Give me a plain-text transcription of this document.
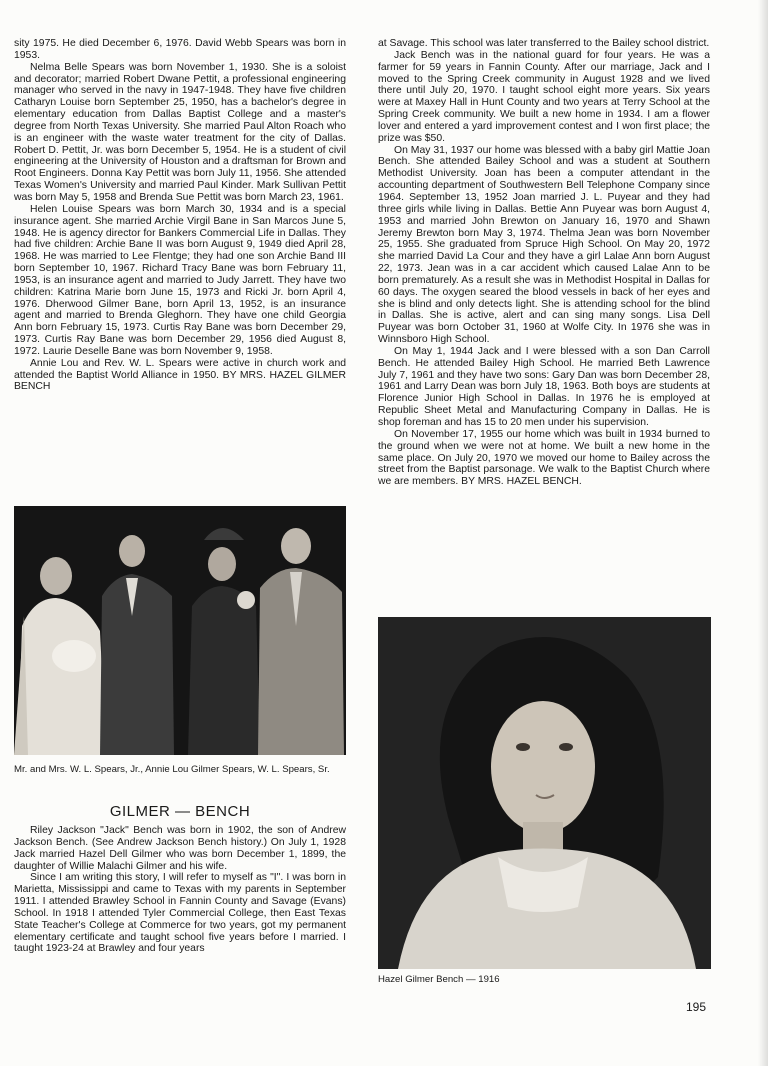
sity 1975. He died December 6, 1976. David Webb Spears was born in 1953.

Nelma Belle Spears was born November 1, 1930. She is a soloist and decorator; married Robert Dwane Pettit, a professional engineering manager who served in the navy in 1947-1948. They have five children Catharyn Louise born September 25, 1950, has a bachelor's degree in elementary education from Dallas Baptist College and a master's degree from North Texas University. She married Paul Alton Roach who is an engineer with the waste water treatment for the city of Dallas. Robert D. Pettit, Jr. was born December 5, 1954. He is a student of civil engineering at the University of Houston and a draftsman for Brown and Root Engineers. Donna Kay Pettit was born July 11, 1956. She attended Texas Women's University and married Paul Kinder. Mark Sullivan Pettit was born May 5, 1958 and Brenda Sue Pettit was born March 23, 1961.

Helen Louise Spears was born March 30, 1934 and is a special insurance agent. She married Archie Virgil Bane in San Marcos June 5, 1948. He is agency director for Bankers Commercial Life in Dallas. They had five children: Archie Bane II was born August 9, 1949 died April 28, 1968. He was married to Lee Flentge; they had one son Archie Band III born September 10, 1967. Richard Tracy Bane was born February 11, 1953, is an insurance agent and married to Judy Jarrett. They have two children: Katrina Marie born June 15, 1973 and Ricki Jr. born April 4, 1976. Dherwood Gilmer Bane, born April 13, 1952, is an insurance agent and married to Brenda Gleghorn. They have one child Georgia Ann born February 15, 1973. Curtis Ray Bane was born December 29, 1973. Curtis Ray Bane was born December 29, 1956 died August 8, 1972. Laurie Deselle Bane was born November 9, 1958.

Annie Lou and Rev. W. L. Spears were active in church work and attended the Baptist World Alliance in 1950. BY MRS. HAZEL GILMER BENCH

Mr. and Mrs. W. L. Spears, Jr., Annie Lou Gilmer Spears, W. L. Spears, Sr.
GILMER — BENCH

Riley Jackson "Jack" Bench was born in 1902, the son of Andrew Jackson Bench. (See Andrew Jackson Bench history.) On July 1, 1928 Jack married Hazel Dell Gilmer who was born December 1, 1899, the daughter of Willie Malachi Gilmer and his wife.

Since I am writing this story, I will refer to myself as "I". I was born in Marietta, Mississippi and came to Texas with my parents in September 1911. I attended Brawley School in Fannin County and Savage (Evans) School. In 1918 I attended Tyler Commercial College, then East Texas State Teacher's College at Commerce for two years, got my permanent elementary certificate and taught school five years before I married. I taught 1923-24 at Brawley and four years

at Savage. This school was later transferred to the Bailey school district.

Jack Bench was in the national guard for four years. He was a farmer for 59 years in Fannin County. After our marriage, Jack and I moved to the Spring Creek community in August 1928 and we lived there until July 20, 1970. I taught school eight more years. Six years were at Maxey Hall in Hunt County and two years at Terry School at the Spring Creek community. We built a new home in 1934. I am a flower lover and entered a yard improvement contest and I won first place; the prize was $50.

On May 31, 1937 our home was blessed with a baby girl Mattie Joan Bench. She attended Bailey School and was a student at Southern Methodist University. Joan has been a computer attendant in the accounting department of Southwestern Bell Telephone Company since 1964. September 13, 1952 Joan married J. L. Puyear and they had three girls while living in Dallas. Bettie Ann Puyear was born August 4, 1953 and married John Brewton on January 16, 1970 and Shawn Jeremy Brewton born May 3, 1974. Thelma Jean was born November 25, 1955. She graduated from Spruce High School. On May 20, 1972 she married David La Cour and they have a girl Lalae Ann born August 22, 1973. Jean was in a car accident which caused Lalae Ann to be born prematurely. As a result she was in Methodist Hospital in Dallas for 60 days. The oxygen seared the blood vessels in back of her eyes and she is blind and only detects light. She is attending school for the blind in Dallas. She is active, alert and can sing many songs. Lisa Dell Puyear was born October 31, 1960 at Wolfe City. In 1976 she was in Winnsboro High School.

On May 1, 1944 Jack and I were blessed with a son Dan Carroll Bench. He attended Bailey High School. He married Beth Lawrence July 7, 1961 and they have two sons: Gary Dan was born December 28, 1961 and Larry Dean was born July 18, 1963. Both boys are students at Florence Junior High School in Dallas. In 1976 he is employed at Republic Sheet Metal and Manufacturing Company in Dallas. He is shop foreman and has 15 to 20 men under his supervision.

On November 17, 1955 our home which was built in 1934 burned to the ground when we were not at home. We built a new home in the same place. On July 20, 1970 we moved our home to Bailey across the street from the Baptist parsonage. We walk to the Baptist Church where we are members. BY MRS. HAZEL BENCH.

Hazel Gilmer Bench — 1916
195
